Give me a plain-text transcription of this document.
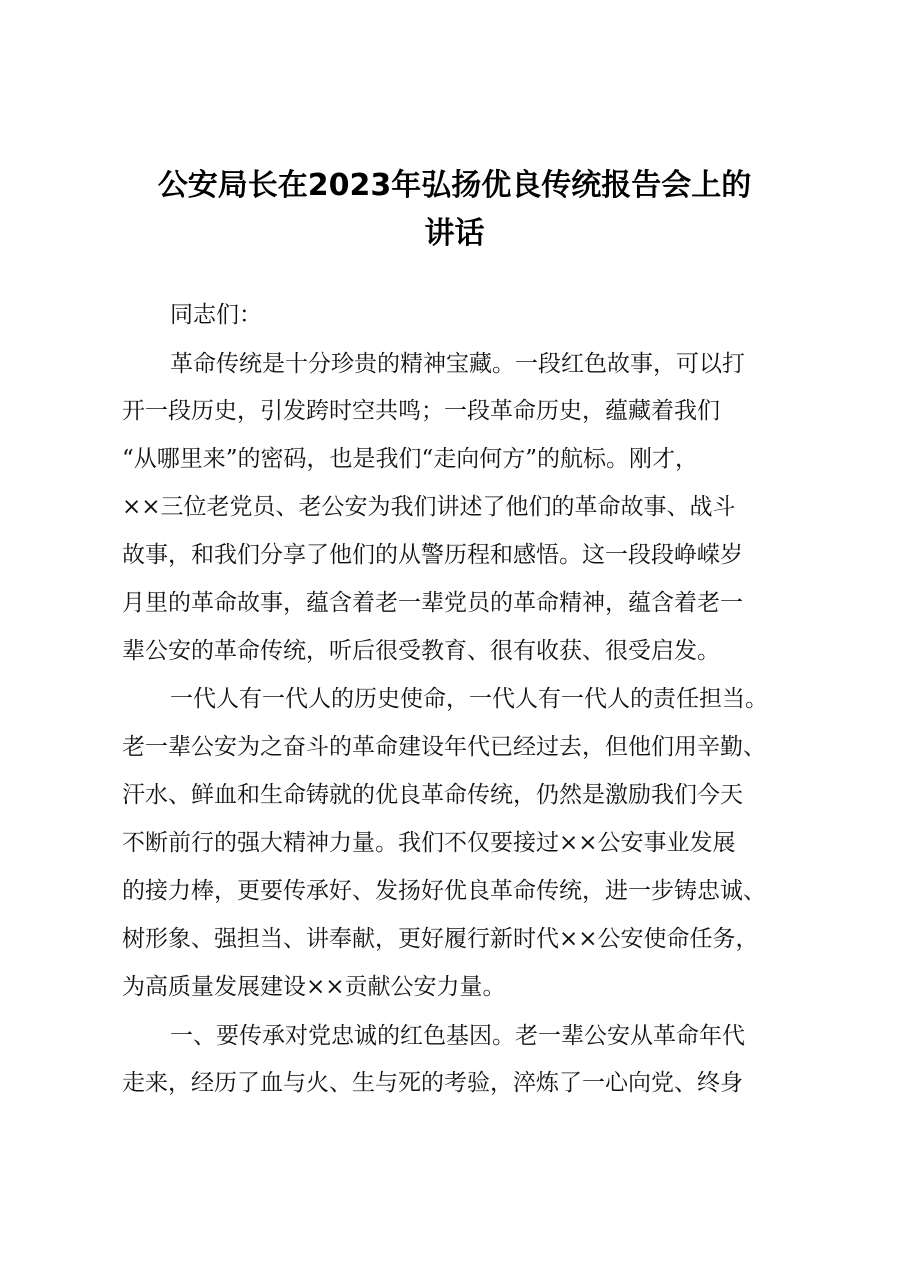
公安局长在2023年弘扬优良传统报告会上的
讲话
同志们：
革命传统是十分珍贵的精神宝藏。一段红色故事，可以打
开一段历史，引发跨时空共鸣；一段革命历史，蕴藏着我们
“从哪里来”的密码，也是我们“走向何方”的航标。刚才，
××三位老党员、老公安为我们讲述了他们的革命故事、战斗
故事，和我们分享了他们的从警历程和感悟。这一段段峥嵘岁
月里的革命故事，蕴含着老一辈党员的革命精神，蕴含着老一
辈公安的革命传统，听后很受教育、很有收获、很受启发。
一代人有一代人的历史使命，一代人有一代人的责任担当。
老一辈公安为之奋斗的革命建设年代已经过去，但他们用辛勤、
汗水、鲜血和生命铸就的优良革命传统，仍然是激励我们今天
不断前行的强大精神力量。我们不仅要接过××公安事业发展
的接力棒，更要传承好、发扬好优良革命传统，进一步铸忠诚、
树形象、强担当、讲奉献，更好履行新时代××公安使命任务，
为高质量发展建设××贡献公安力量。
一、要传承对党忠诚的红色基因。老一辈公安从革命年代
走来，经历了血与火、生与死的考验，淬炼了一心向党、终身
